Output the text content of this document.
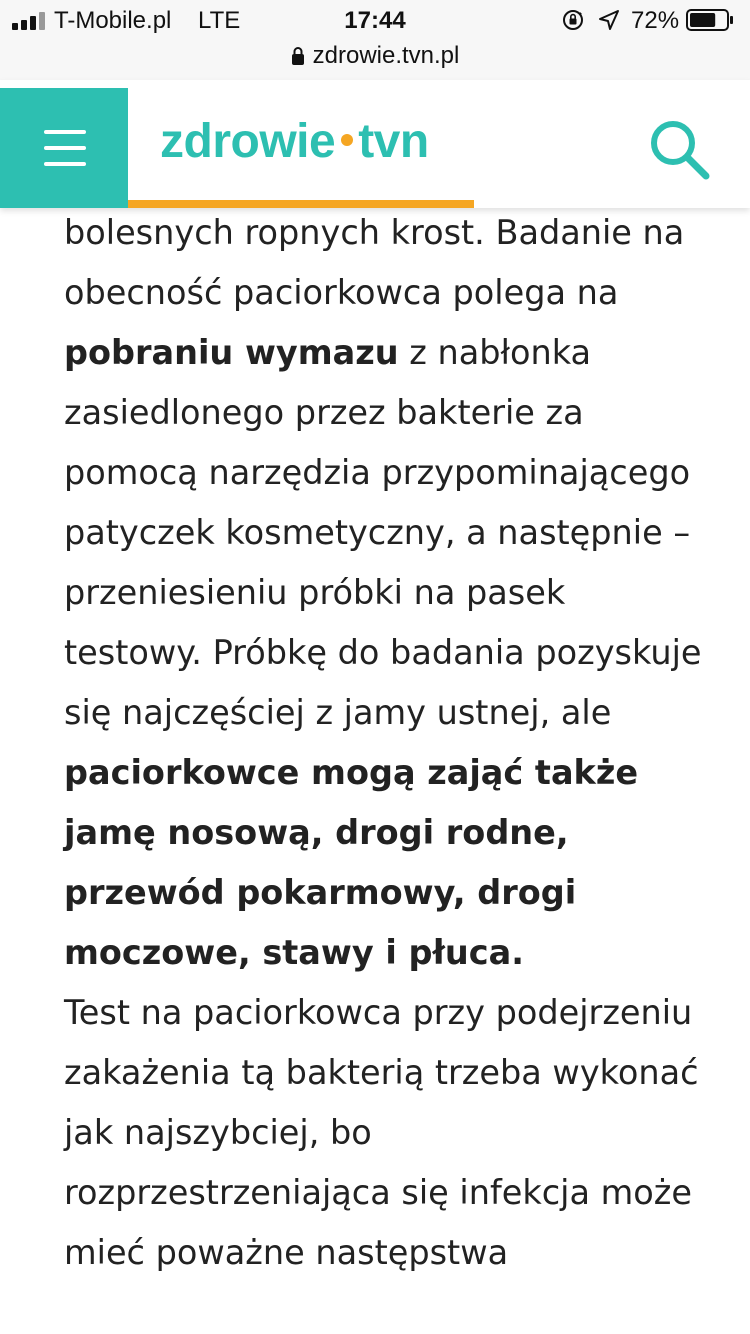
T-Mobile.pl LTE	17:44	72%
zdrowie.tvn.pl
zdrowie tvn
bolesnych ropnych krost. Badanie na obecność paciorkowca polega na pobraniu wymazu z nabłonka zasiedlonego przez bakterie za pomocą narzędzia przypominającego patyczek kosmetyczny, a następnie – przeniesieniu próbki na pasek testowy. Próbkę do badania pozyskuje się najczęściej z jamy ustnej, ale paciorkowce mogą zająć także jamę nosową, drogi rodne, przewód pokarmowy, drogi moczowe, stawy i płuca.
Test na paciorkowca przy podejrzeniu zakażenia tą bakterią trzeba wykonać jak najszybciej, bo rozprzestrzeniająca się infekcja może mieć poważne następstwa
